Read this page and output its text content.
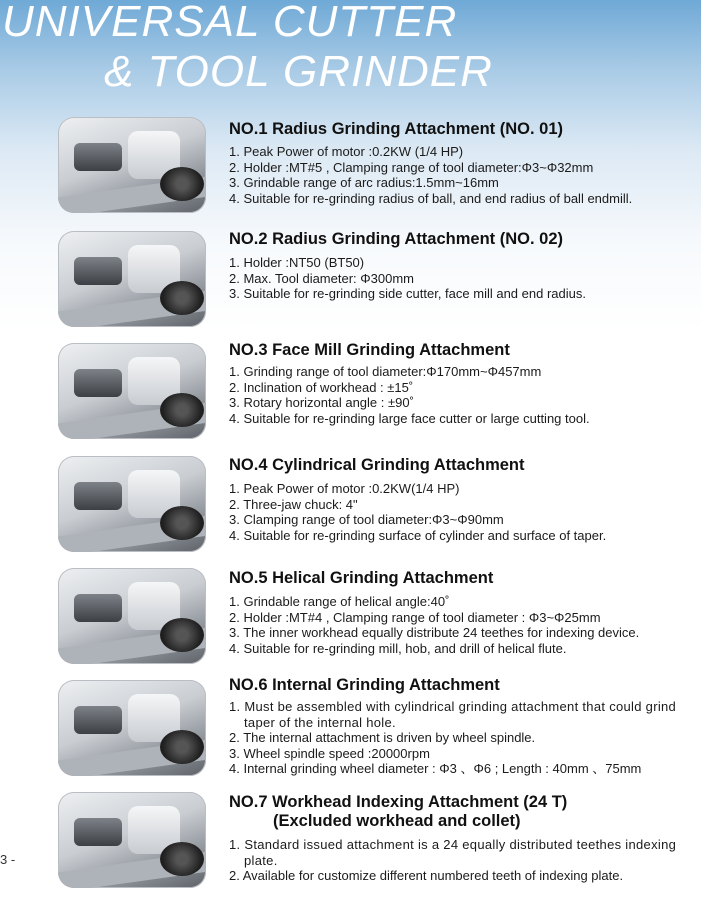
UNIVERSAL CUTTER
& TOOL GRINDER
NO.1 Radius Grinding Attachment (NO. 01)
1. Peak Power of motor :0.2KW (1/4 HP)
2. Holder :MT#5 , Clamping range of tool diameter:Φ3~Φ32mm
3. Grindable range of arc radius:1.5mm~16mm
4. Suitable for re-grinding radius of ball, and end radius of ball endmill.
NO.2 Radius Grinding Attachment (NO. 02)
1. Holder :NT50 (BT50)
2. Max. Tool diameter: Φ300mm
3. Suitable for re-grinding side cutter, face mill and end radius.
NO.3 Face Mill Grinding Attachment
1. Grinding range of tool diameter:Φ170mm~Φ457mm
2. Inclination of workhead : ±15˚
3. Rotary horizontal angle : ±90˚
4. Suitable for re-grinding large face cutter or large cutting tool.
NO.4 Cylindrical Grinding Attachment
1. Peak Power of motor :0.2KW(1/4 HP)
2. Three-jaw chuck: 4"
3. Clamping range of tool diameter:Φ3~Φ90mm
4. Suitable for re-grinding surface of cylinder and surface of taper.
NO.5 Helical Grinding Attachment
1. Grindable range of helical angle:40˚
2. Holder :MT#4 , Clamping range of tool diameter : Φ3~Φ25mm
3. The inner workhead equally distribute 24 teethes for indexing device.
4. Suitable for re-grinding mill, hob, and drill of helical flute.
NO.6 Internal Grinding Attachment
1. Must be assembled with cylindrical grinding attachment that could grind taper of the internal hole.
2. The internal attachment is driven by wheel spindle.
3. Wheel spindle speed :20000rpm
4. Internal grinding wheel diameter : Φ3 、Φ6 ; Length : 40mm 、75mm
NO.7 Workhead Indexing Attachment (24 T)
(Excluded workhead and collet)
1. Standard issued attachment is a 24 equally distributed teethes indexing plate.
2. Available for customize different numbered teeth of indexing plate.
3 -
